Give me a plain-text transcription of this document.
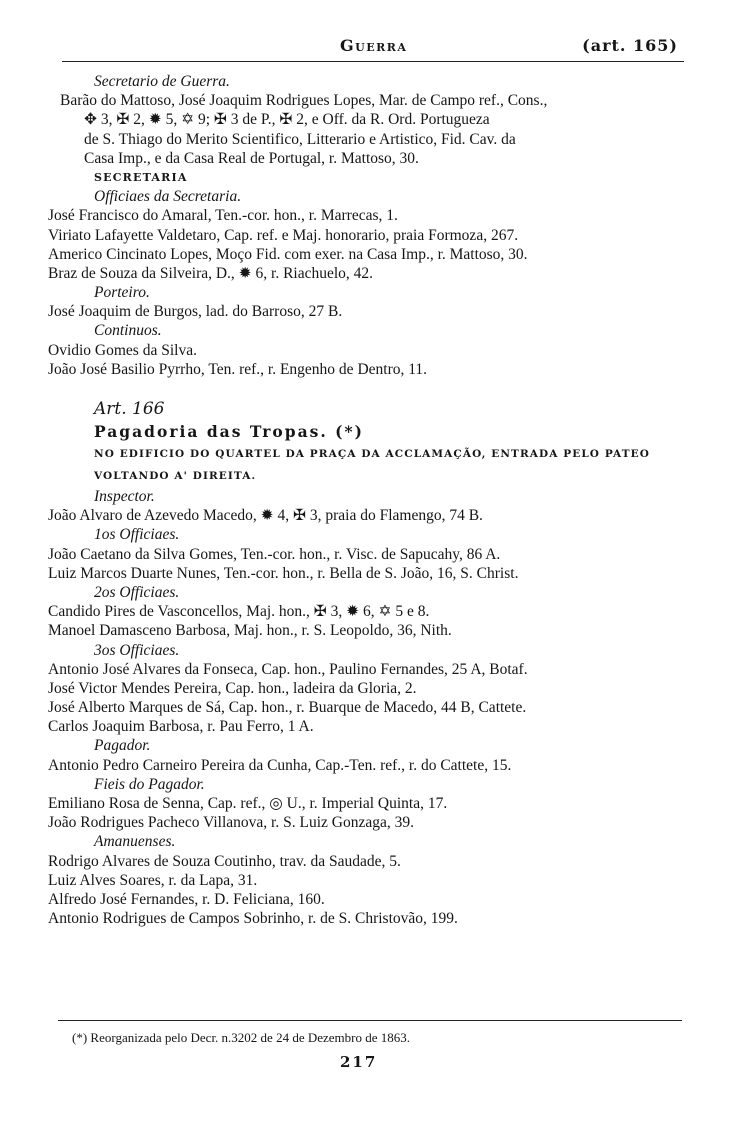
Guerra	(art. 165)
Secretario de Guerra.
Barão do Mattoso, José Joaquim Rodrigues Lopes, Mar. de Campo ref., Cons.,
✥ 3, ✠ 2, ✹ 5, ✡ 9; ✠ 3 de P., ✠ 2, e Off. da R. Ord. Portugueza
de S. Thiago do Merito Scientifico, Litterario e Artistico, Fid. Cav. da
Casa Imp., e da Casa Real de Portugal, r. Mattoso, 30.
SECRETARIA
Officiaes da Secretaria.
José Francisco do Amaral, Ten.-cor. hon., r. Marrecas, 1.
Viriato Lafayette Valdetaro, Cap. ref. e Maj. honorario, praia Formoza, 267.
Americo Cincinato Lopes, Moço Fid. com exer. na Casa Imp., r. Mattoso, 30.
Braz de Souza da Silveira, D., ✹ 6, r. Riachuelo, 42.
Porteiro.
José Joaquim de Burgos, lad. do Barroso, 27 B.
Continuos.
Ovidio Gomes da Silva.
João José Basilio Pyrrho, Ten. ref., r. Engenho de Dentro, 11.
Art. 166
Pagadoria das Tropas. (*)
NO EDIFICIO DO QUARTEL DA PRAÇA DA ACCLAMAÇÃO, ENTRADA PELO PATEO
VOLTANDO A' DIREITA.
Inspector.
João Alvaro de Azevedo Macedo, ✹ 4, ✠ 3, praia do Flamengo, 74 B.
1os Officiaes.
João Caetano da Silva Gomes, Ten.-cor. hon., r. Visc. de Sapucahy, 86 A.
Luiz Marcos Duarte Nunes, Ten.-cor. hon., r. Bella de S. João, 16, S. Christ.
2os Officiaes.
Candido Pires de Vasconcellos, Maj. hon., ✠ 3, ✹ 6, ✡ 5 e 8.
Manoel Damasceno Barbosa, Maj. hon., r. S. Leopoldo, 36, Nith.
3os Officiaes.
Antonio José Alvares da Fonseca, Cap. hon., Paulino Fernandes, 25 A, Botaf.
José Victor Mendes Pereira, Cap. hon., ladeira da Gloria, 2.
José Alberto Marques de Sá, Cap. hon., r. Buarque de Macedo, 44 B, Cattete.
Carlos Joaquim Barbosa, r. Pau Ferro, 1 A.
Pagador.
Antonio Pedro Carneiro Pereira da Cunha, Cap.-Ten. ref., r. do Cattete, 15.
Fieis do Pagador.
Emiliano Rosa de Senna, Cap. ref., ◎ U., r. Imperial Quinta, 17.
João Rodrigues Pacheco Villanova, r. S. Luiz Gonzaga, 39.
Amanuenses.
Rodrigo Alvares de Souza Coutinho, trav. da Saudade, 5.
Luiz Alves Soares, r. da Lapa, 31.
Alfredo José Fernandes, r. D. Feliciana, 160.
Antonio Rodrigues de Campos Sobrinho, r. de S. Christovão, 199.
(*) Reorganizada pelo Decr. n.3202 de 24 de Dezembro de 1863.
217
